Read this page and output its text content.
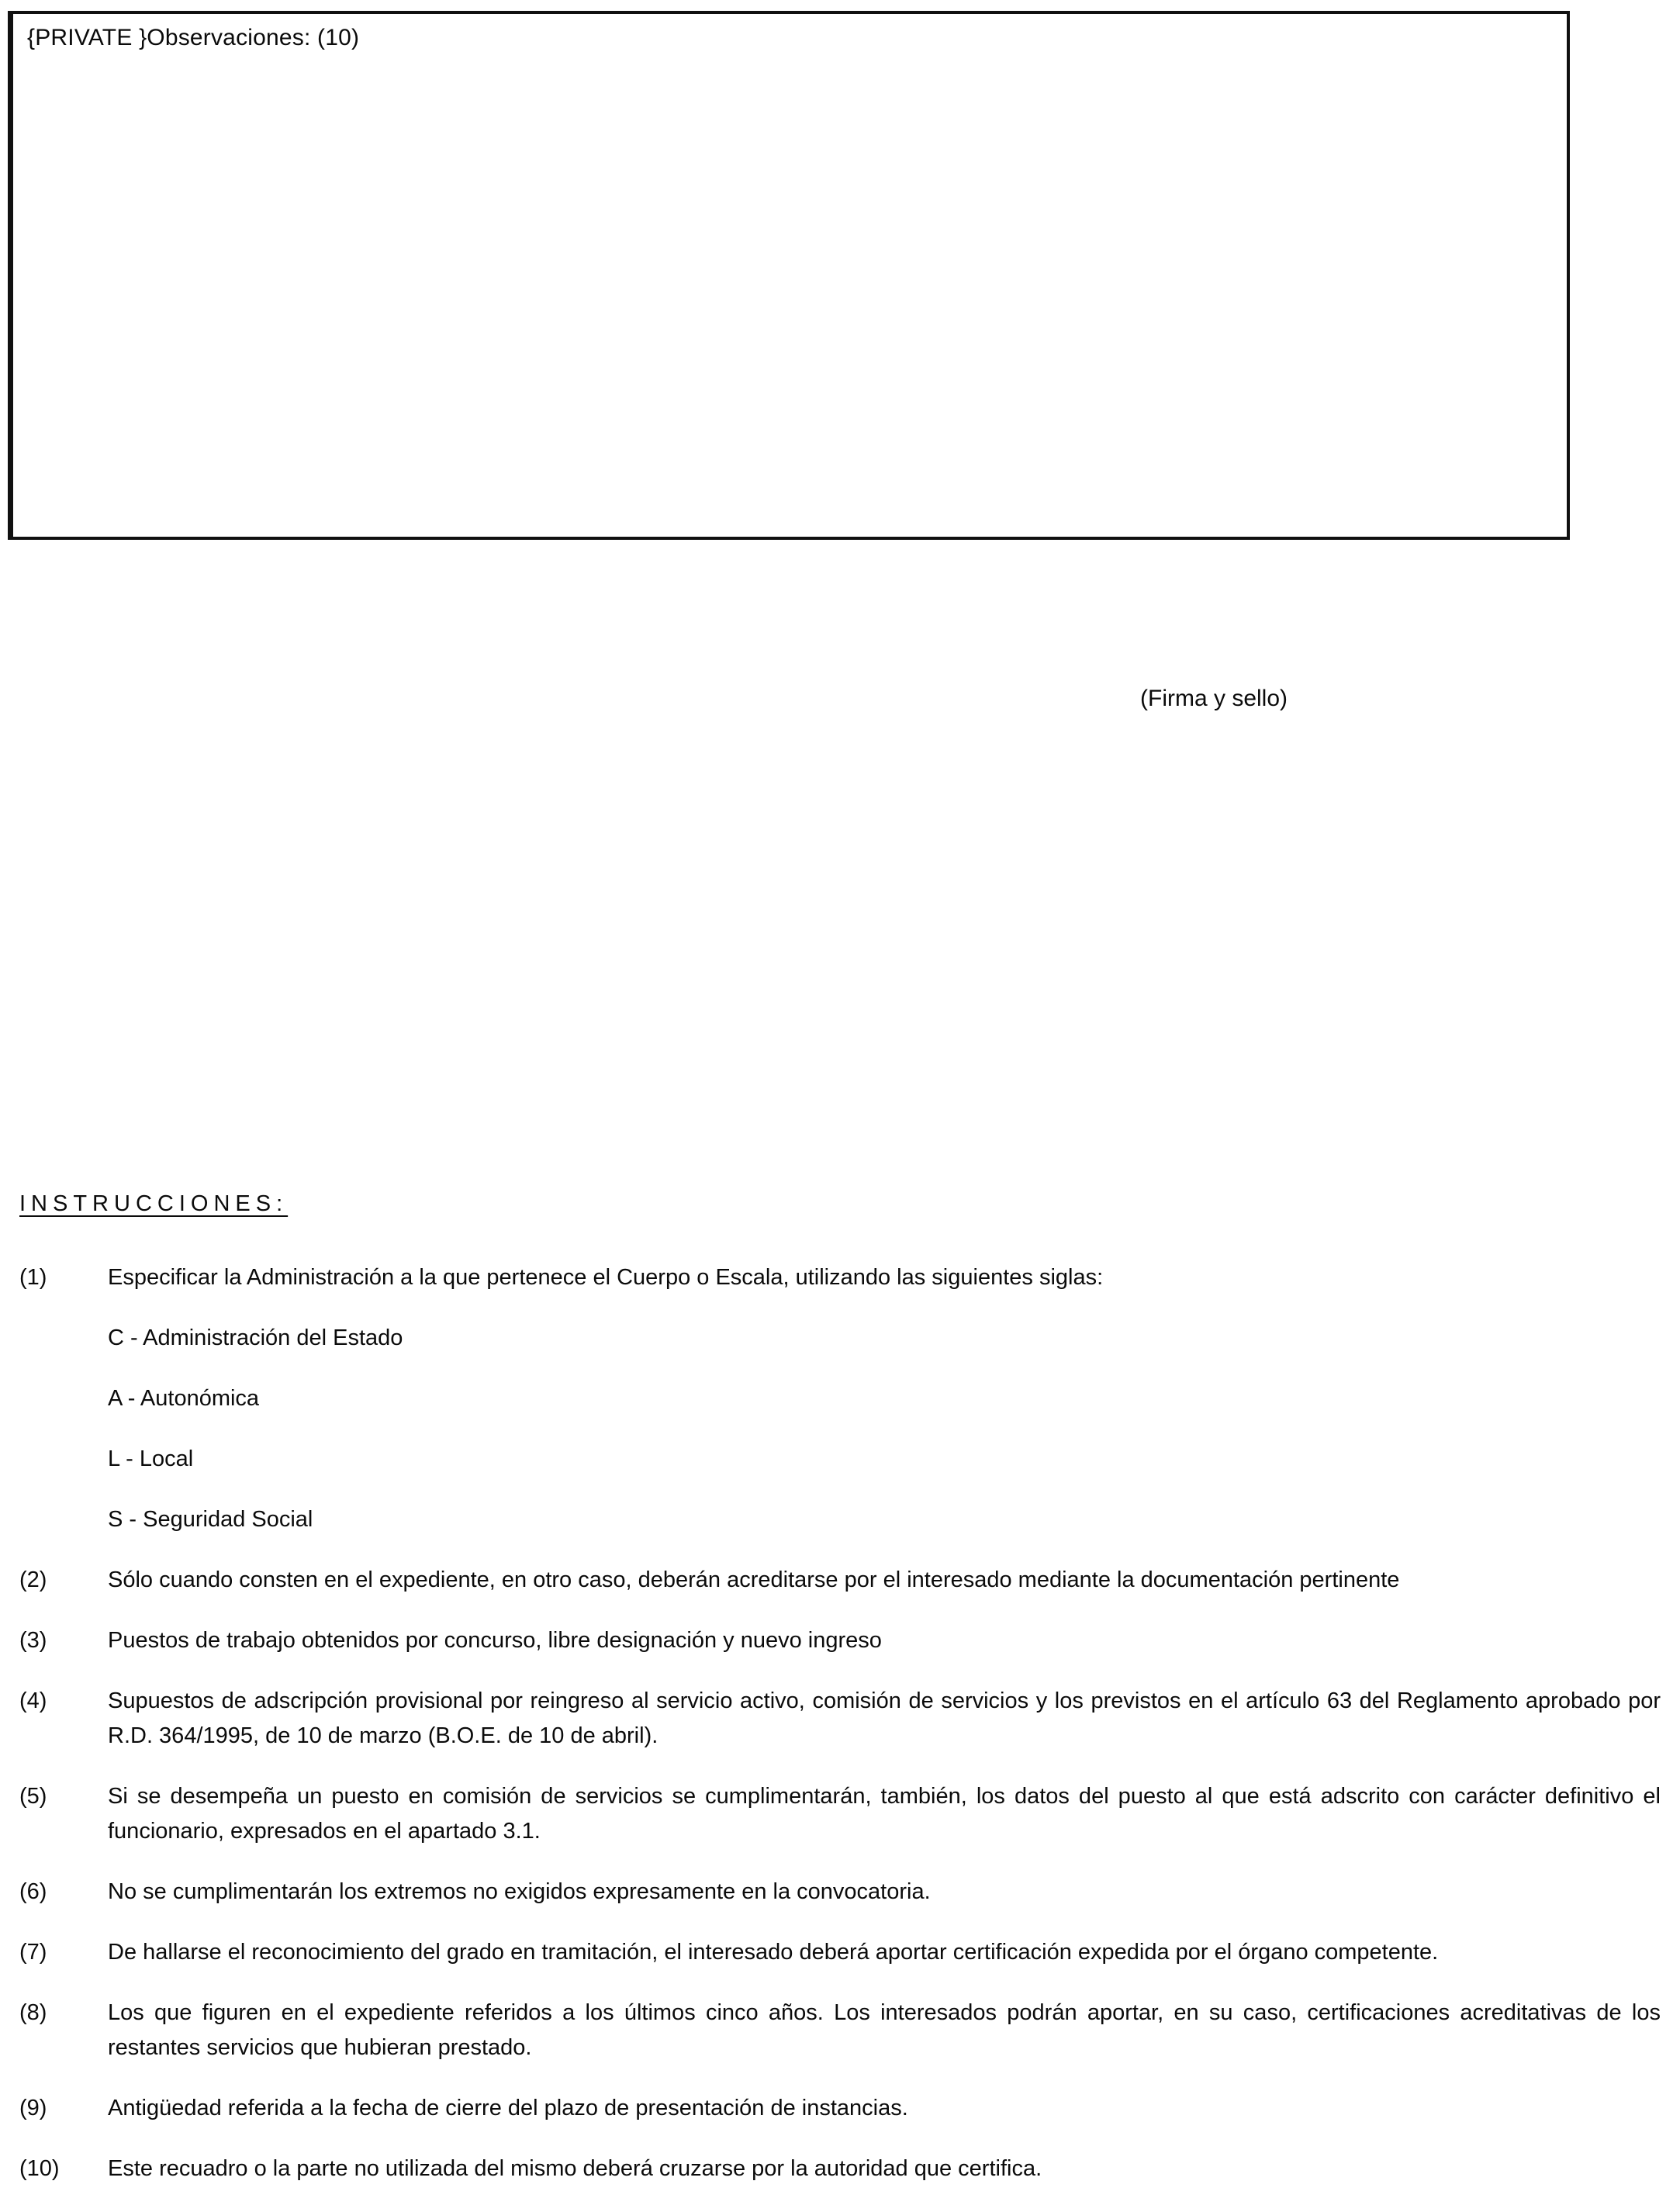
{PRIVATE }Observaciones: (10)
(Firma y sello)
INSTRUCCIONES:
(1)	Especificar la Administración a la que pertenece el Cuerpo o Escala, utilizando las siguientes siglas:
C - Administración del Estado
A - Autonómica
L - Local
S - Seguridad Social
(2)	Sólo cuando consten en el expediente, en otro caso, deberán acreditarse por el interesado mediante la documentación pertinente
(3)	Puestos de trabajo obtenidos por concurso, libre designación y nuevo ingreso
(4)	Supuestos de adscripción provisional por reingreso al servicio activo, comisión de servicios y los previstos en el artículo 63 del Reglamento aprobado por R.D. 364/1995, de 10 de marzo (B.O.E. de 10 de abril).
(5)	Si se desempeña un puesto en comisión de servicios se cumplimentarán, también, los datos del puesto al que está adscrito con carácter definitivo el funcionario, expresados en el apartado 3.1.
(6)	No se cumplimentarán los extremos no exigidos expresamente en la convocatoria.
(7)	De hallarse el reconocimiento del grado en tramitación, el interesado deberá aportar certificación expedida por el órgano competente.
(8)	Los que figuren en el expediente referidos a los últimos cinco años. Los interesados podrán aportar, en su caso, certificaciones acreditativas de los restantes servicios que hubieran prestado.
(9)	Antigüedad referida a la fecha de cierre del plazo de presentación de instancias.
(10)	Este recuadro o la parte no utilizada del mismo deberá cruzarse por la autoridad que certifica.
